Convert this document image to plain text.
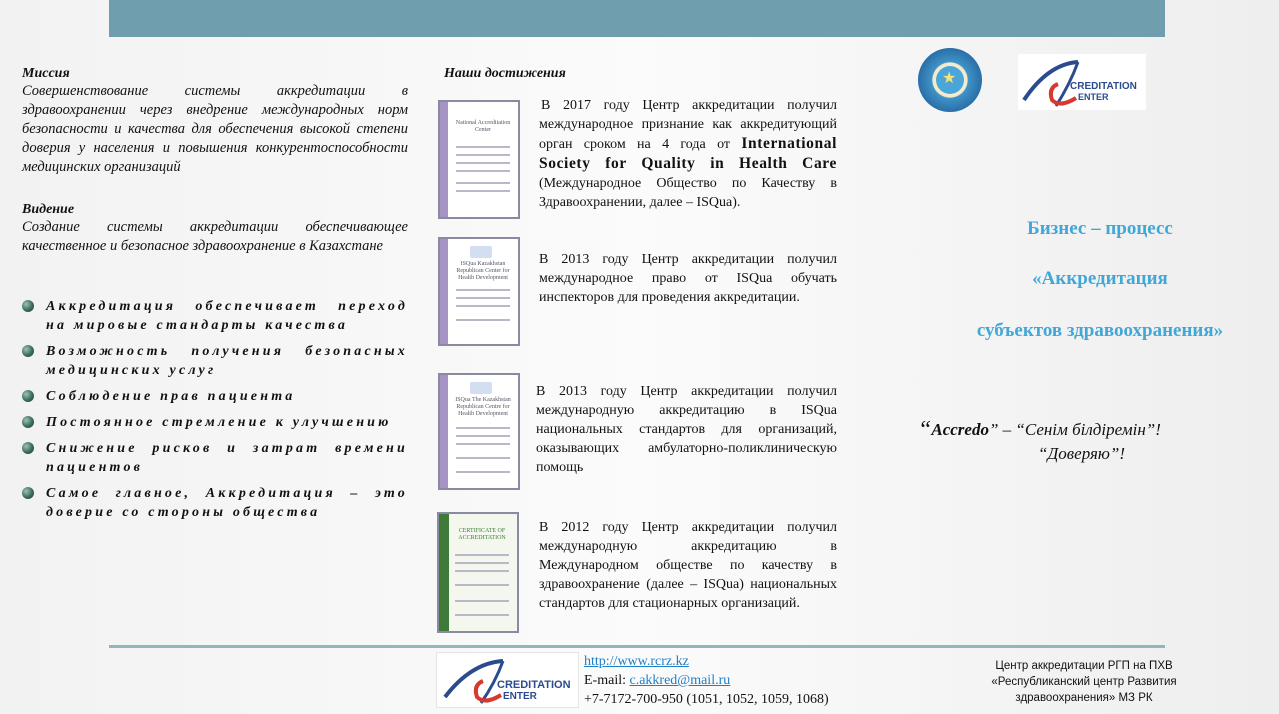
Миссия
Совершенствование системы аккредитации в здравоохранении через внедрение международных норм безопасности и качества для обеспечения высокой степени доверия у населения и повышения конкурентоспособности медицинских организаций
Видение
Создание системы аккредитации обеспечивающее качественное и безопасное здравоохранение в Казахстане
Аккредитация обеспечивает переход на мировые стандарты качества
Возможность получения безопасных медицинских услуг
Соблюдение прав пациента
Постоянное стремление к улучшению
Снижение рисков и затрат времени пациентов
Самое главное, Аккредитация – это доверие со стороны общества
Наши достижения
National Accreditation Center
ISQua Kazakhstan Republican Center for Health Development
ISQua The Kazakhstan Republican Centre for Health Development
CERTIFICATE OF ACCREDITATION
В 2017 году Центр аккредитации получил международное признание как аккредитующий орган сроком на 4 года от International Society for Quality in Health Care (Международное Общество по Качеству в Здравоохранении, далее – ISQua).
В 2013 году Центр аккредитации получил международное право от ISQua обучать инспекторов для проведения аккредитации.
В 2013 году Центр аккредитации получил международную аккредитацию в ISQua национальных стандартов для организаций, оказывающих амбулаторно-поликлиническую помощь
В 2012 году Центр аккредитации получил международную аккредитацию в Международном обществе по качеству в здравоохранение (далее – ISQua) национальных стандартов для стационарных организаций.
★	CREDITATION
ENTER
Бизнес – процесс
«Аккредитация
субъектов здравоохранения»
“Accredo” – “Сенім білдіремін”!
“Доверяю”!
CREDITATION
ENTER
http://www.rcrz.kz
E-mail: c.akkred@mail.ru
+7-7172-700-950 (1051, 1052, 1059, 1068)
Центр аккредитации РГП на ПХВ «Республиканский центр Развития здравоохранения» МЗ РК
